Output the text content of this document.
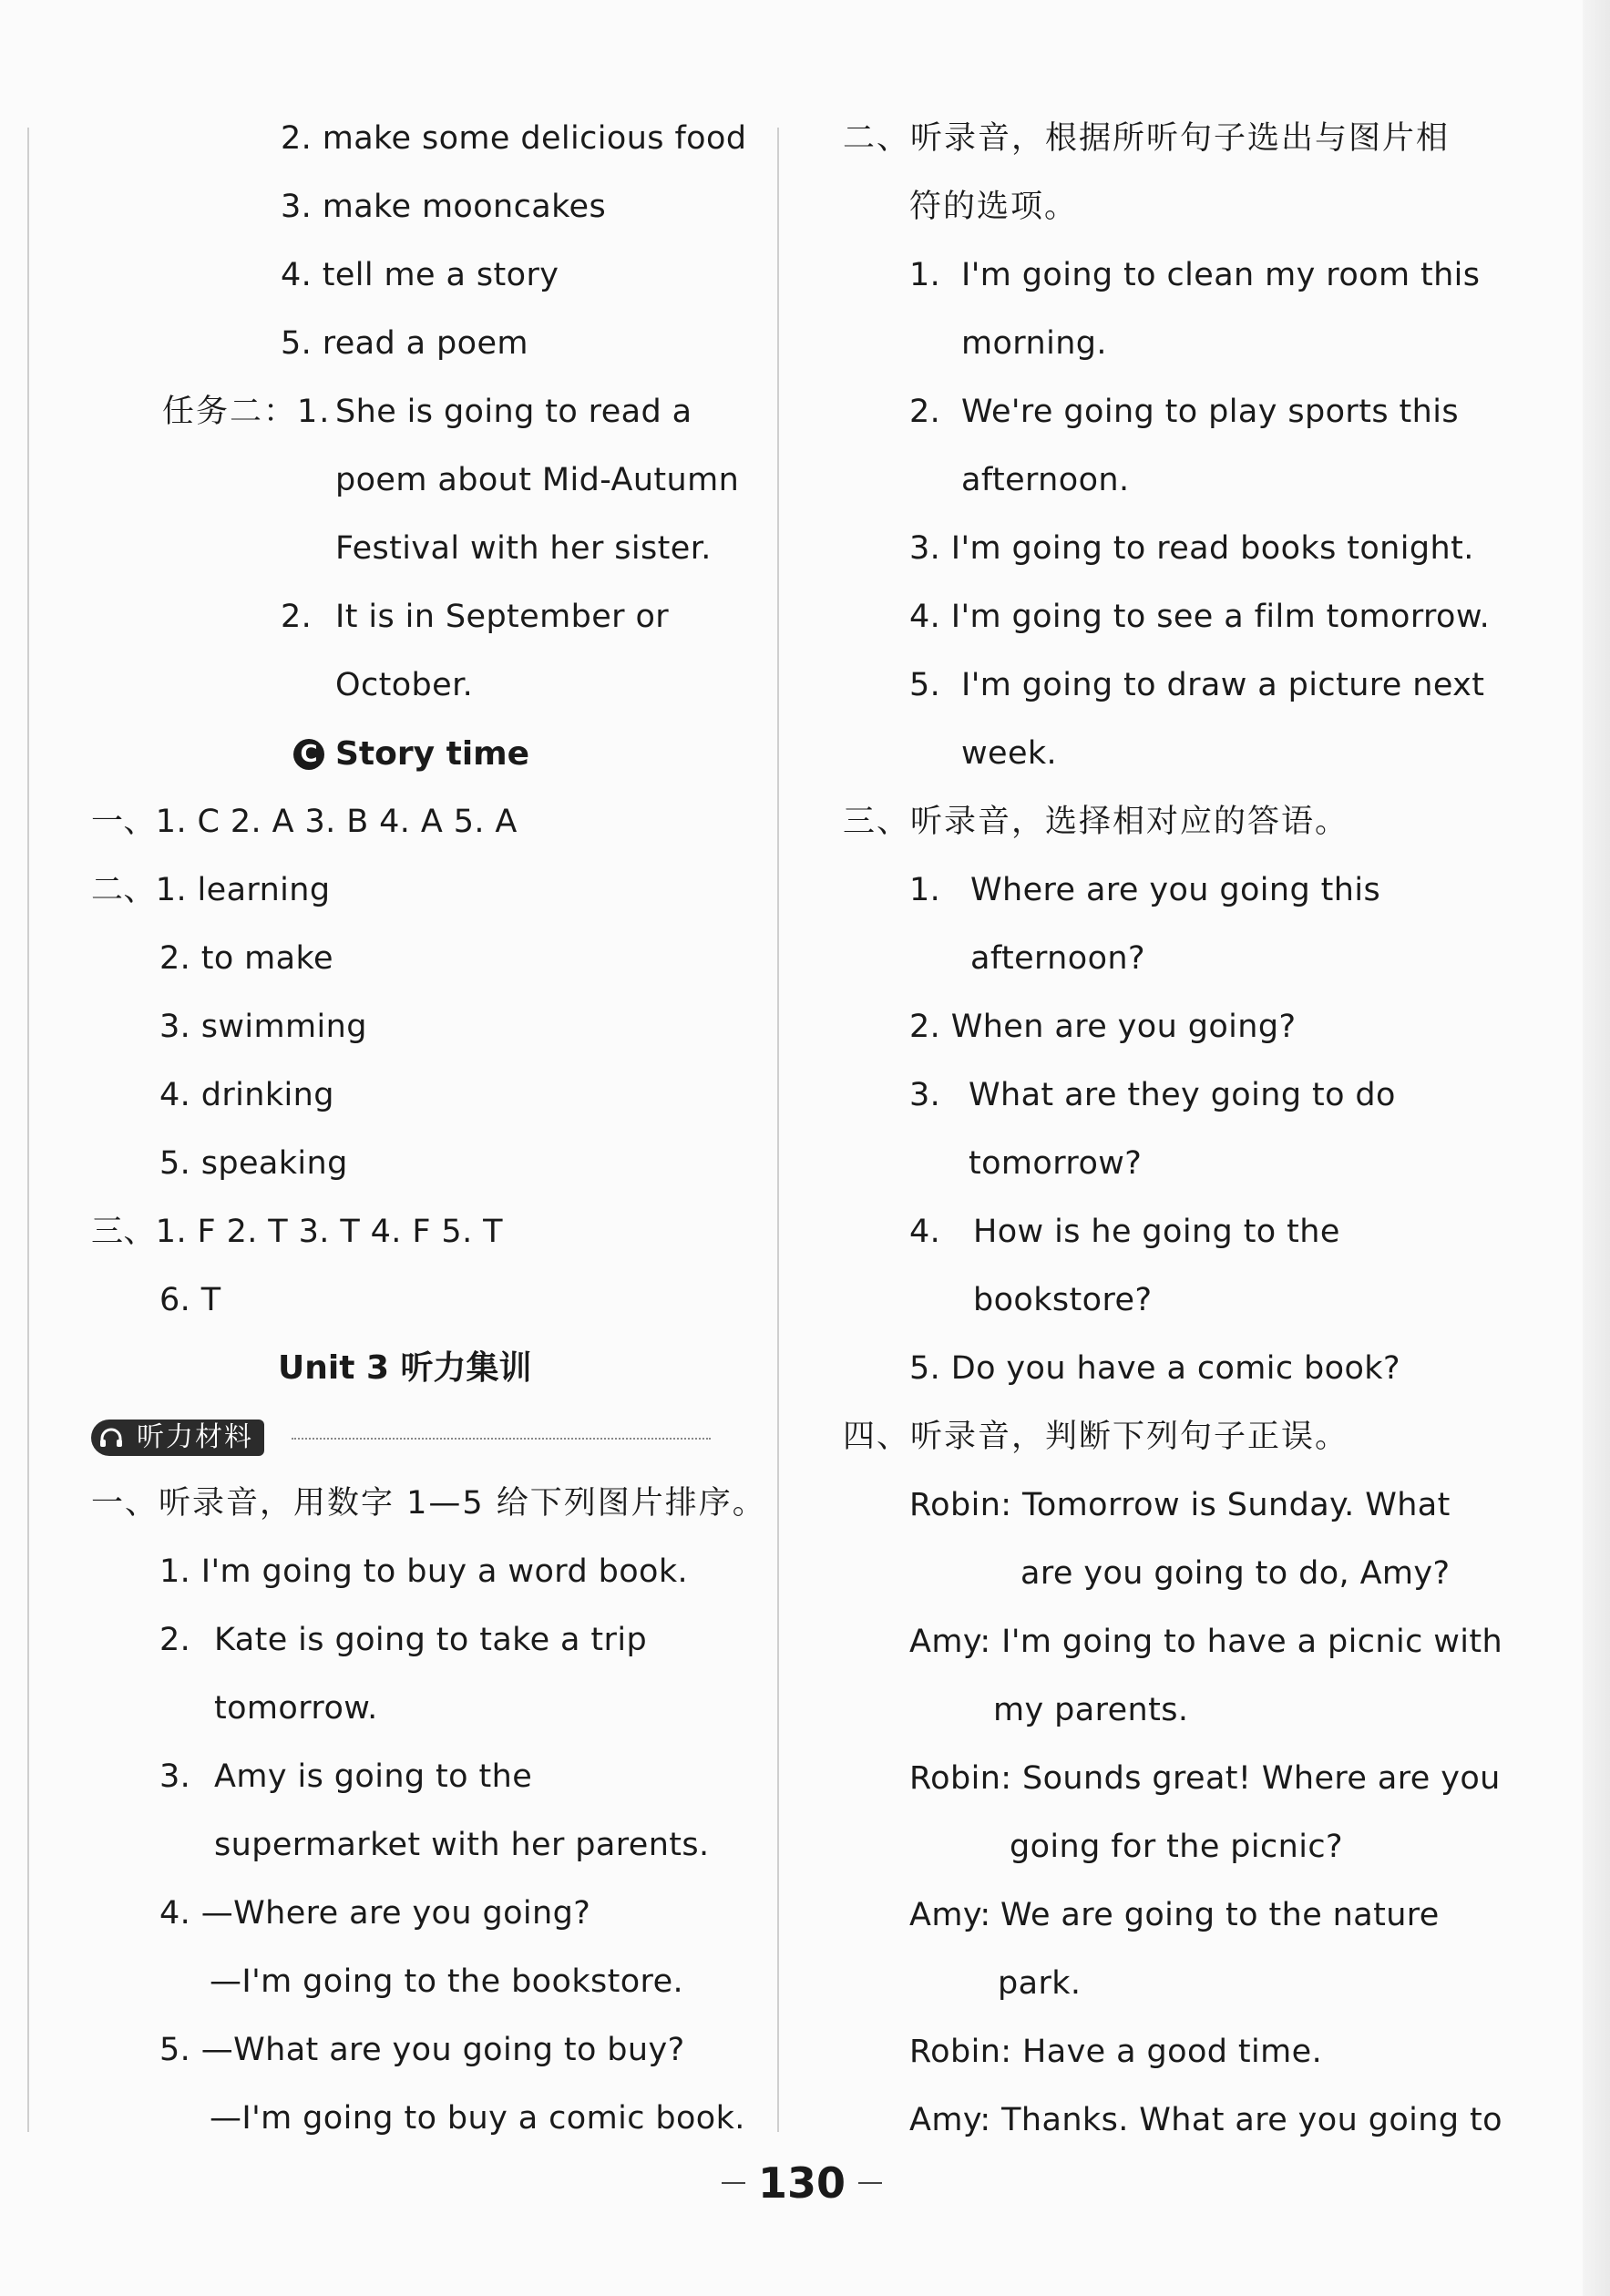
2. make some delicious food
3. make mooncakes
4. tell me a story
5. read a poem
任务二：1. She is going to read a
poem about Mid-Autumn
Festival with her sister.
2. It is in September or
October.
C Story time
一、1. C 2. A 3. B 4. A 5. A
二、1. learning
2. to make
3. swimming
4. drinking
5. speaking
三、1. F 2. T 3. T 4. F 5. T
6. T
Unit 3 听力集训
听力材料
一、听录音，用数字 1—5 给下列图片排序。
1. I'm going to buy a word book.
2. Kate is going to take a trip
tomorrow.
3. Amy is going to the
supermarket with her parents.
4. —Where are you going?
—I'm going to the bookstore.
5. —What are you going to buy?
—I'm going to buy a comic book.
二、听录音，根据所听句子选出与图片相
符的选项。
1. I'm going to clean my room this
morning.
2. We're going to play sports this
afternoon.
3. I'm going to read books tonight.
4. I'm going to see a film tomorrow.
5. I'm going to draw a picture next
week.
三、听录音，选择相对应的答语。
1. Where are you going this
afternoon?
2. When are you going?
3. What are they going to do
tomorrow?
4. How is he going to the
bookstore?
5. Do you have a comic book?
四、听录音，判断下列句子正误。
Robin: Tomorrow is Sunday. What
are you going to do, Amy?
Amy: I'm going to have a picnic with
my parents.
Robin: Sounds great! Where are you
going for the picnic?
Amy: We are going to the nature
park.
Robin: Have a good time.
Amy: Thanks. What are you going to
130
